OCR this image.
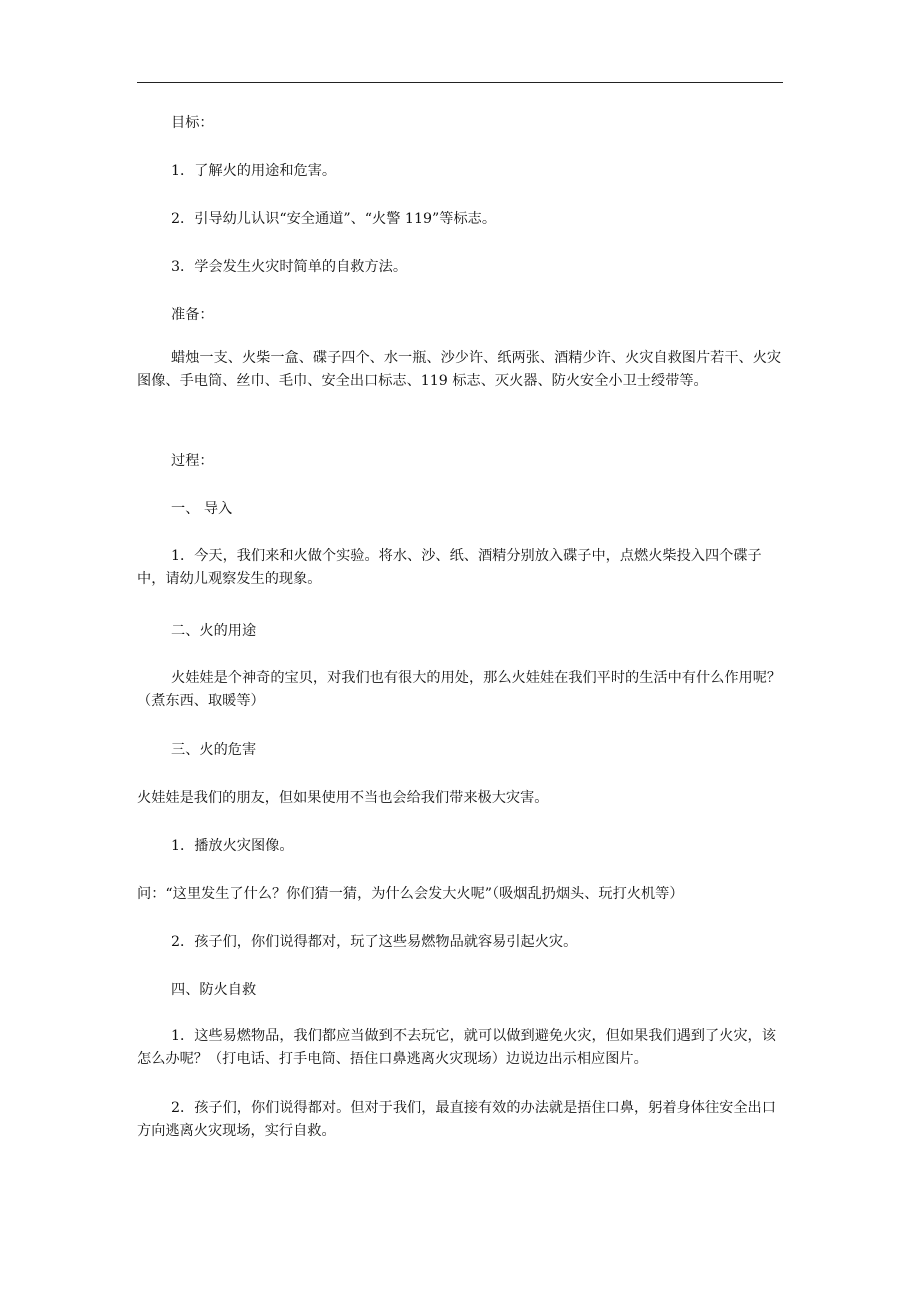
目标：
1．了解火的用途和危害。
2．引导幼儿认识“安全通道”、“火警 119”等标志。
3．学会发生火灾时简单的自救方法。
准备：
蜡烛一支、火柴一盒、碟子四个、水一瓶、沙少许、纸两张、酒精少许、火灾自救图片若干、火灾图像、手电筒、丝巾、毛巾、安全出口标志、119 标志、灭火器、防火安全小卫士绶带等。
过程：
一、 导入
1．今天，我们来和火做个实验。将水、沙、纸、酒精分别放入碟子中，点燃火柴投入四个碟子中，请幼儿观察发生的现象。
二、火的用途
火娃娃是个神奇的宝贝，对我们也有很大的用处，那么火娃娃在我们平时的生活中有什么作用呢？（煮东西、取暖等）
三、火的危害
火娃娃是我们的朋友，但如果使用不当也会给我们带来极大灾害。
1．播放火灾图像。
问：“这里发生了什么？你们猜一猜，为什么会发大火呢”（吸烟乱扔烟头、玩打火机等）
2．孩子们，你们说得都对，玩了这些易燃物品就容易引起火灾。
四、防火自救
1．这些易燃物品，我们都应当做到不去玩它，就可以做到避免火灾，但如果我们遇到了火灾，该怎么办呢？（打电话、打手电筒、捂住口鼻逃离火灾现场）边说边出示相应图片。
2．孩子们，你们说得都对。但对于我们，最直接有效的办法就是捂住口鼻，躬着身体往安全出口方向逃离火灾现场，实行自救。
